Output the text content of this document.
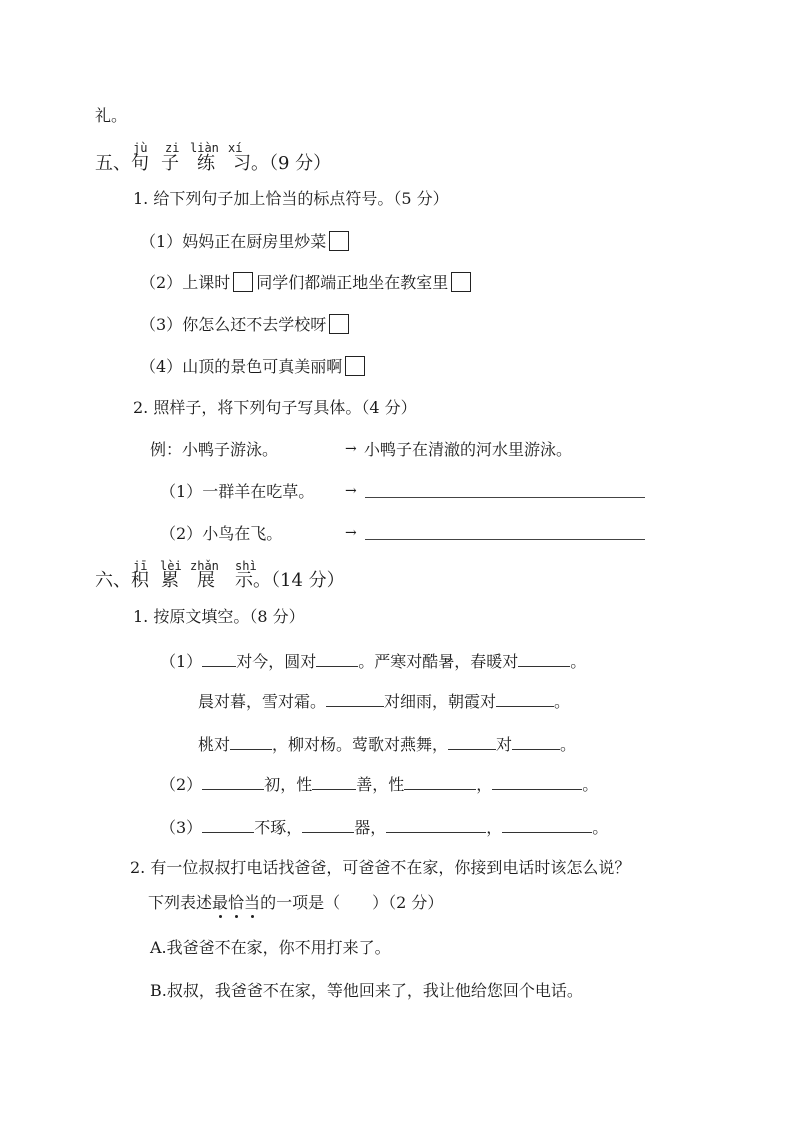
礼。
jù zi liàn xí
五、句 子 练 习。（9 分）
1. 给下列句子加上恰当的标点符号。（5 分）
（1）妈妈正在厨房里炒菜
（2）上课时 同学们都端正地坐在教室里
（3）你怎么还不去学校呀
（4）山顶的景色可真美丽啊
2. 照样子，将下列句子写具体。（4 分）
例：小鸭子游泳。	→ 小鸭子在清澈的河水里游泳。
（1）一群羊在吃草。 →
（2）小鸟在飞。	→
jī lèi zhǎn shì
六、积 累 展 示。（14 分）
1. 按原文填空。（8 分）
（1） 对今，圆对	。严寒对酷暑，春暖对	。
晨对暮，雪对霜。	对细雨，朝霞对	。
桃对	，柳对杨。莺歌对燕舞，	对	。
（2）	初，性	善，性	，	。
（3）	不琢，	器，	，	。
2. 有一位叔叔打电话找爸爸，可爸爸不在家，你接到电话时该怎么说？
下列表述最恰当的一项是（　　）（2 分）
A.我爸爸不在家，你不用打来了。
B.叔叔，我爸爸不在家，等他回来了，我让他给您回个电话。
